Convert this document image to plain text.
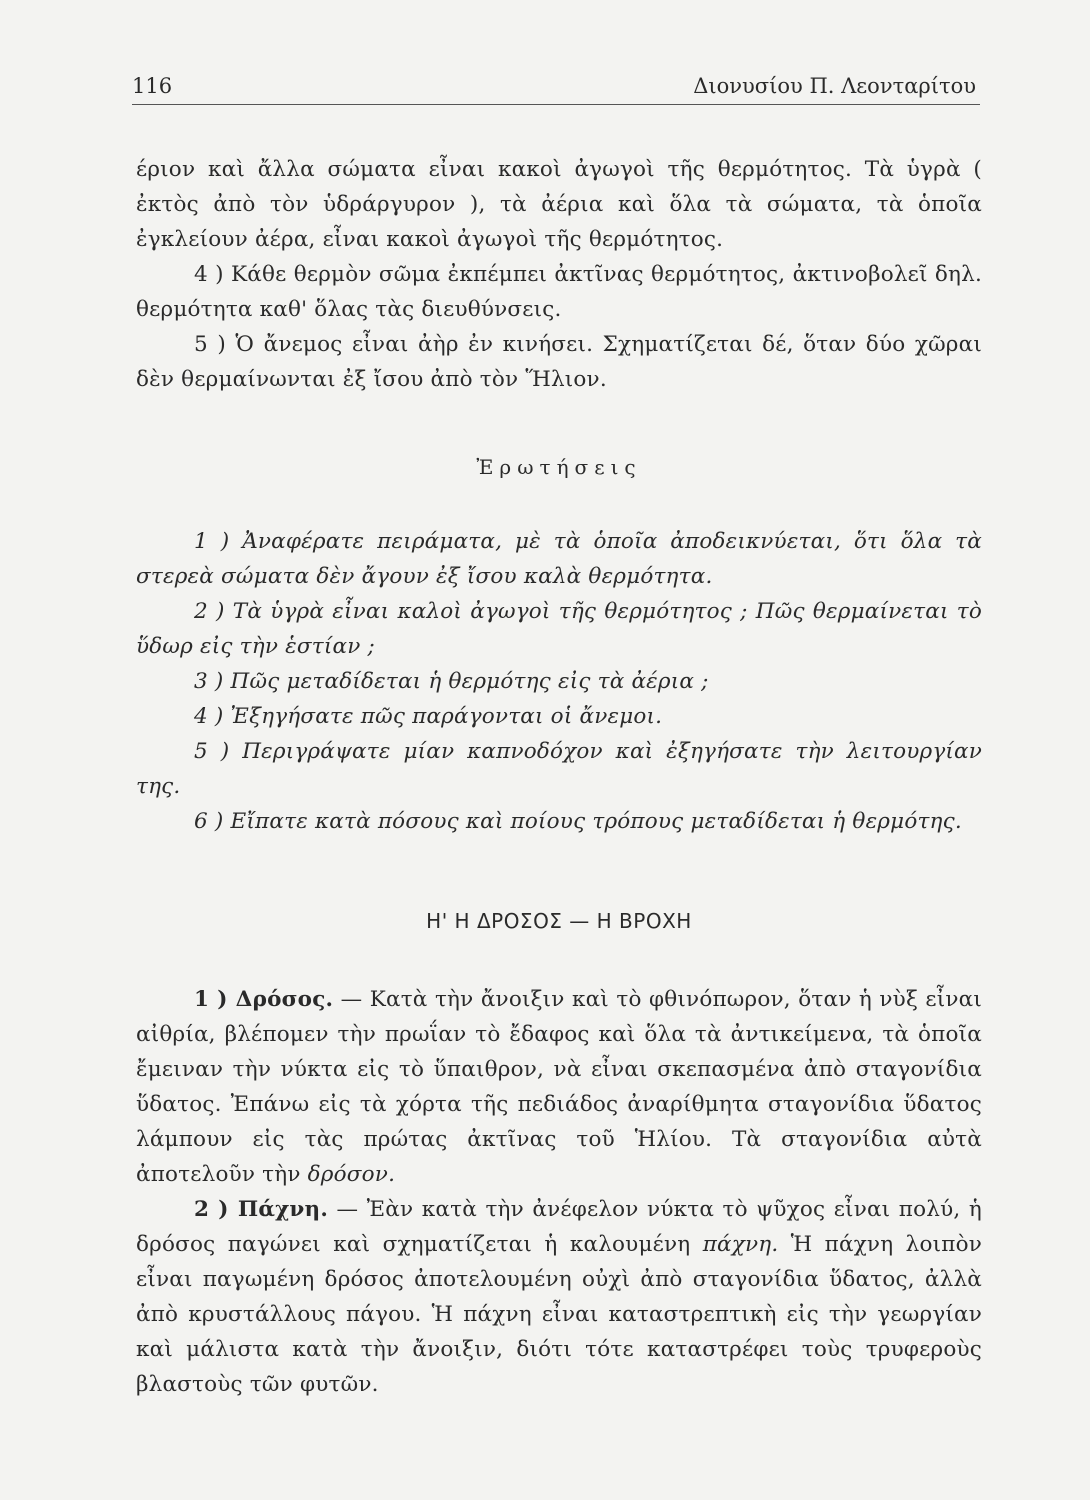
116	Διονυσίου Π. Λεονταρίτου

έριον καὶ ἄλλα σώματα εἶναι κακοὶ ἀγωγοὶ τῆς θερμότητος. Τὰ ὑγρὰ ( ἐκτὸς ἀπὸ τὸν ὑδράργυρον ), τὰ ἀέρια καὶ ὅλα τὰ σώματα, τὰ ὁποῖα ἐγκλείουν ἀέρα, εἶναι κακοὶ ἀγωγοὶ τῆς θερμότητος.

4 ) Κάθε θερμὸν σῶμα ἐκπέμπει ἀκτῖνας θερμότητος, ἀκτινοβολεῖ δηλ. θερμότητα καθ' ὅλας τὰς διευθύνσεις.

5 ) Ὁ ἄνεμος εἶναι ἀὴρ ἐν κινήσει. Σχηματίζεται δέ, ὅταν δύο χῶραι δὲν θερμαίνωνται ἐξ ἴσου ἀπὸ τὸν Ἥλιον.

Ἐρωτήσεις

1 ) Ἀναφέρατε πειράματα, μὲ τὰ ὁποῖα ἀποδεικνύεται, ὅτι ὅλα τὰ στερεὰ σώματα δὲν ἄγουν ἐξ ἴσου καλὰ θερμότητα.

2 ) Τὰ ὑγρὰ εἶναι καλοὶ ἀγωγοὶ τῆς θερμότητος ; Πῶς θερμαίνεται τὸ ὕδωρ εἰς τὴν ἑστίαν ;

3 ) Πῶς μεταδίδεται ἡ θερμότης εἰς τὰ ἀέρια ;

4 ) Ἐξηγήσατε πῶς παράγονται οἱ ἄνεμοι.

5 ) Περιγράψατε μίαν καπνοδόχον καὶ ἐξηγήσατε τὴν λειτουργίαν της.

6 ) Εἴπατε κατὰ πόσους καὶ ποίους τρόπους μεταδίδεται ἡ θερμότης.

Η' Η ΔΡΟΣΟΣ — Η ΒΡΟΧΗ

1 ) Δρόσος. — Κατὰ τὴν ἄνοιξιν καὶ τὸ φθινόπωρον, ὅταν ἡ νὺξ εἶναι αἰθρία, βλέπομεν τὴν πρωΐαν τὸ ἔδαφος καὶ ὅλα τὰ ἀντικείμενα, τὰ ὁποῖα ἔμειναν τὴν νύκτα εἰς τὸ ὕπαιθρον, νὰ εἶναι σκεπασμένα ἀπὸ σταγονίδια ὕδατος. Ἐπάνω εἰς τὰ χόρτα τῆς πεδιάδος ἀναρίθμητα σταγονίδια ὕδατος λάμπουν εἰς τὰς πρώτας ἀκτῖνας τοῦ Ἡλίου. Τὰ σταγονίδια αὐτὰ ἀποτελοῦν τὴν δρόσον.

2 ) Πάχνη. — Ἐὰν κατὰ τὴν ἀνέφελον νύκτα τὸ ψῦχος εἶναι πολύ, ἡ δρόσος παγώνει καὶ σχηματίζεται ἡ καλουμένη πάχνη. Ἡ πάχνη λοιπὸν εἶναι παγωμένη δρόσος ἀποτελουμένη οὐχὶ ἀπὸ σταγονίδια ὕδατος, ἀλλὰ ἀπὸ κρυστάλλους πάγου. Ἡ πάχνη εἶναι καταστρεπτικὴ εἰς τὴν γεωργίαν καὶ μάλιστα κατὰ τὴν ἄνοιξιν, διότι τότε καταστρέφει τοὺς τρυφεροὺς βλαστοὺς τῶν φυτῶν.
